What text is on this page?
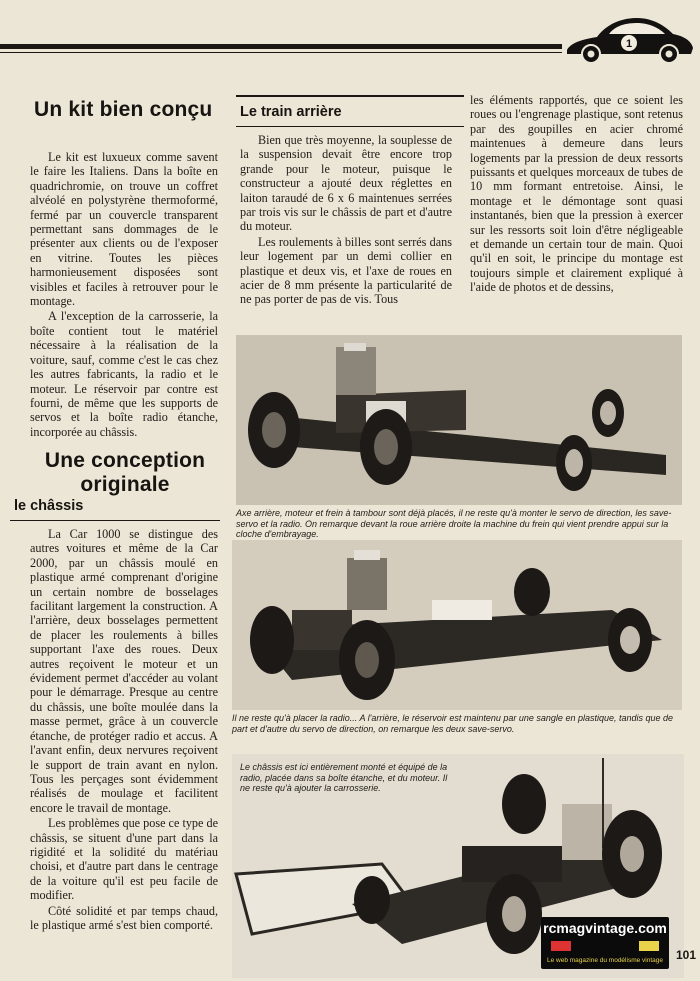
1
Un kit bien conçu

Le kit est luxueux comme savent le faire les Italiens. Dans la boîte en quadrichromie, on trouve un coffret alvéolé en polystyrène thermoformé, fermé par un couvercle transparent permettant sans dommages de le présenter aux clients ou de l'exposer en vitrine. Toutes les pièces harmonieusement disposées sont visibles et faciles à retrouver pour le montage.

A l'exception de la carrosserie, la boîte contient tout le matériel nécessaire à la réalisation de la voiture, sauf, comme c'est le cas chez les autres fabricants, la radio et le moteur. Le réservoir par contre est fourni, de même que les supports de servos et la boîte radio étanche, incorporée au châssis.

Une conception originale
le châssis

La Car 1000 se distingue des autres voitures et même de la Car 2000, par un châssis moulé en plastique armé comprenant d'origine un certain nombre de bosselages facilitant largement la construction. A l'arrière, deux bosselages permettent de placer les roulements à billes supportant l'axe des roues. Deux autres reçoivent le moteur et un évidement permet d'accéder au volant pour le démarrage. Presque au centre du châssis, une boîte moulée dans la masse permet, grâce à un couvercle étanche, de protéger radio et accus. A l'avant enfin, deux nervures reçoivent le support de train avant en nylon. Tous les perçages sont évidemment réalisés de moulage et facilitent encore le travail de montage.

Les problèmes que pose ce type de châssis, se situent d'une part dans la rigidité et la solidité du matériau choisi, et d'autre part dans le centrage de la voiture qu'il est peu facile de modifier.

Côté solidité et par temps chaud, le plastique armé s'est bien comporté.

Le train arrière

Bien que très moyenne, la souplesse de la suspension devait être encore trop grande pour le moteur, puisque le constructeur a ajouté deux réglettes en laiton taraudé de 6 x 6 maintenues serrées par trois vis sur le châssis de part et d'autre du moteur.

Les roulements à billes sont serrés dans leur logement par un demi collier en plastique et deux vis, et l'axe de roues en acier de 8 mm présente la particularité de ne pas porter de pas de vis. Tous

les éléments rapportés, que ce soient les roues ou l'engrenage plastique, sont retenus par des goupilles en acier chromé maintenues à demeure dans leurs logements par la pression de deux ressorts puissants et quelques morceaux de tubes de 10 mm formant entretoise. Ainsi, le montage et le démontage sont quasi instantanés, bien que la pression à exercer sur les ressorts soit loin d'être négligeable et demande un certain tour de main. Quoi qu'il en soit, le principe du montage est toujours simple et clairement expliqué à l'aide de photos et de dessins,

Axe arrière, moteur et frein à tambour sont déjà placés, il ne reste qu'à monter le servo de direction, les save-servo et la radio. On remarque devant la roue arrière droite la machine du frein qui vient prendre appui sur la cloche d'embrayage.
Il ne reste qu'à placer la radio... A l'arrière, le réservoir est maintenu par une sangle en plastique, tandis que de part et d'autre du servo de direction, on remarque les deux save-servo.
Le châssis est ici entièrement monté et équipé de la radio, placée dans sa boîte étanche, et du moteur. Il ne reste qu'à ajouter la carrosserie.
rcmagvintage.com
Le web magazine du modélisme vintage	101
